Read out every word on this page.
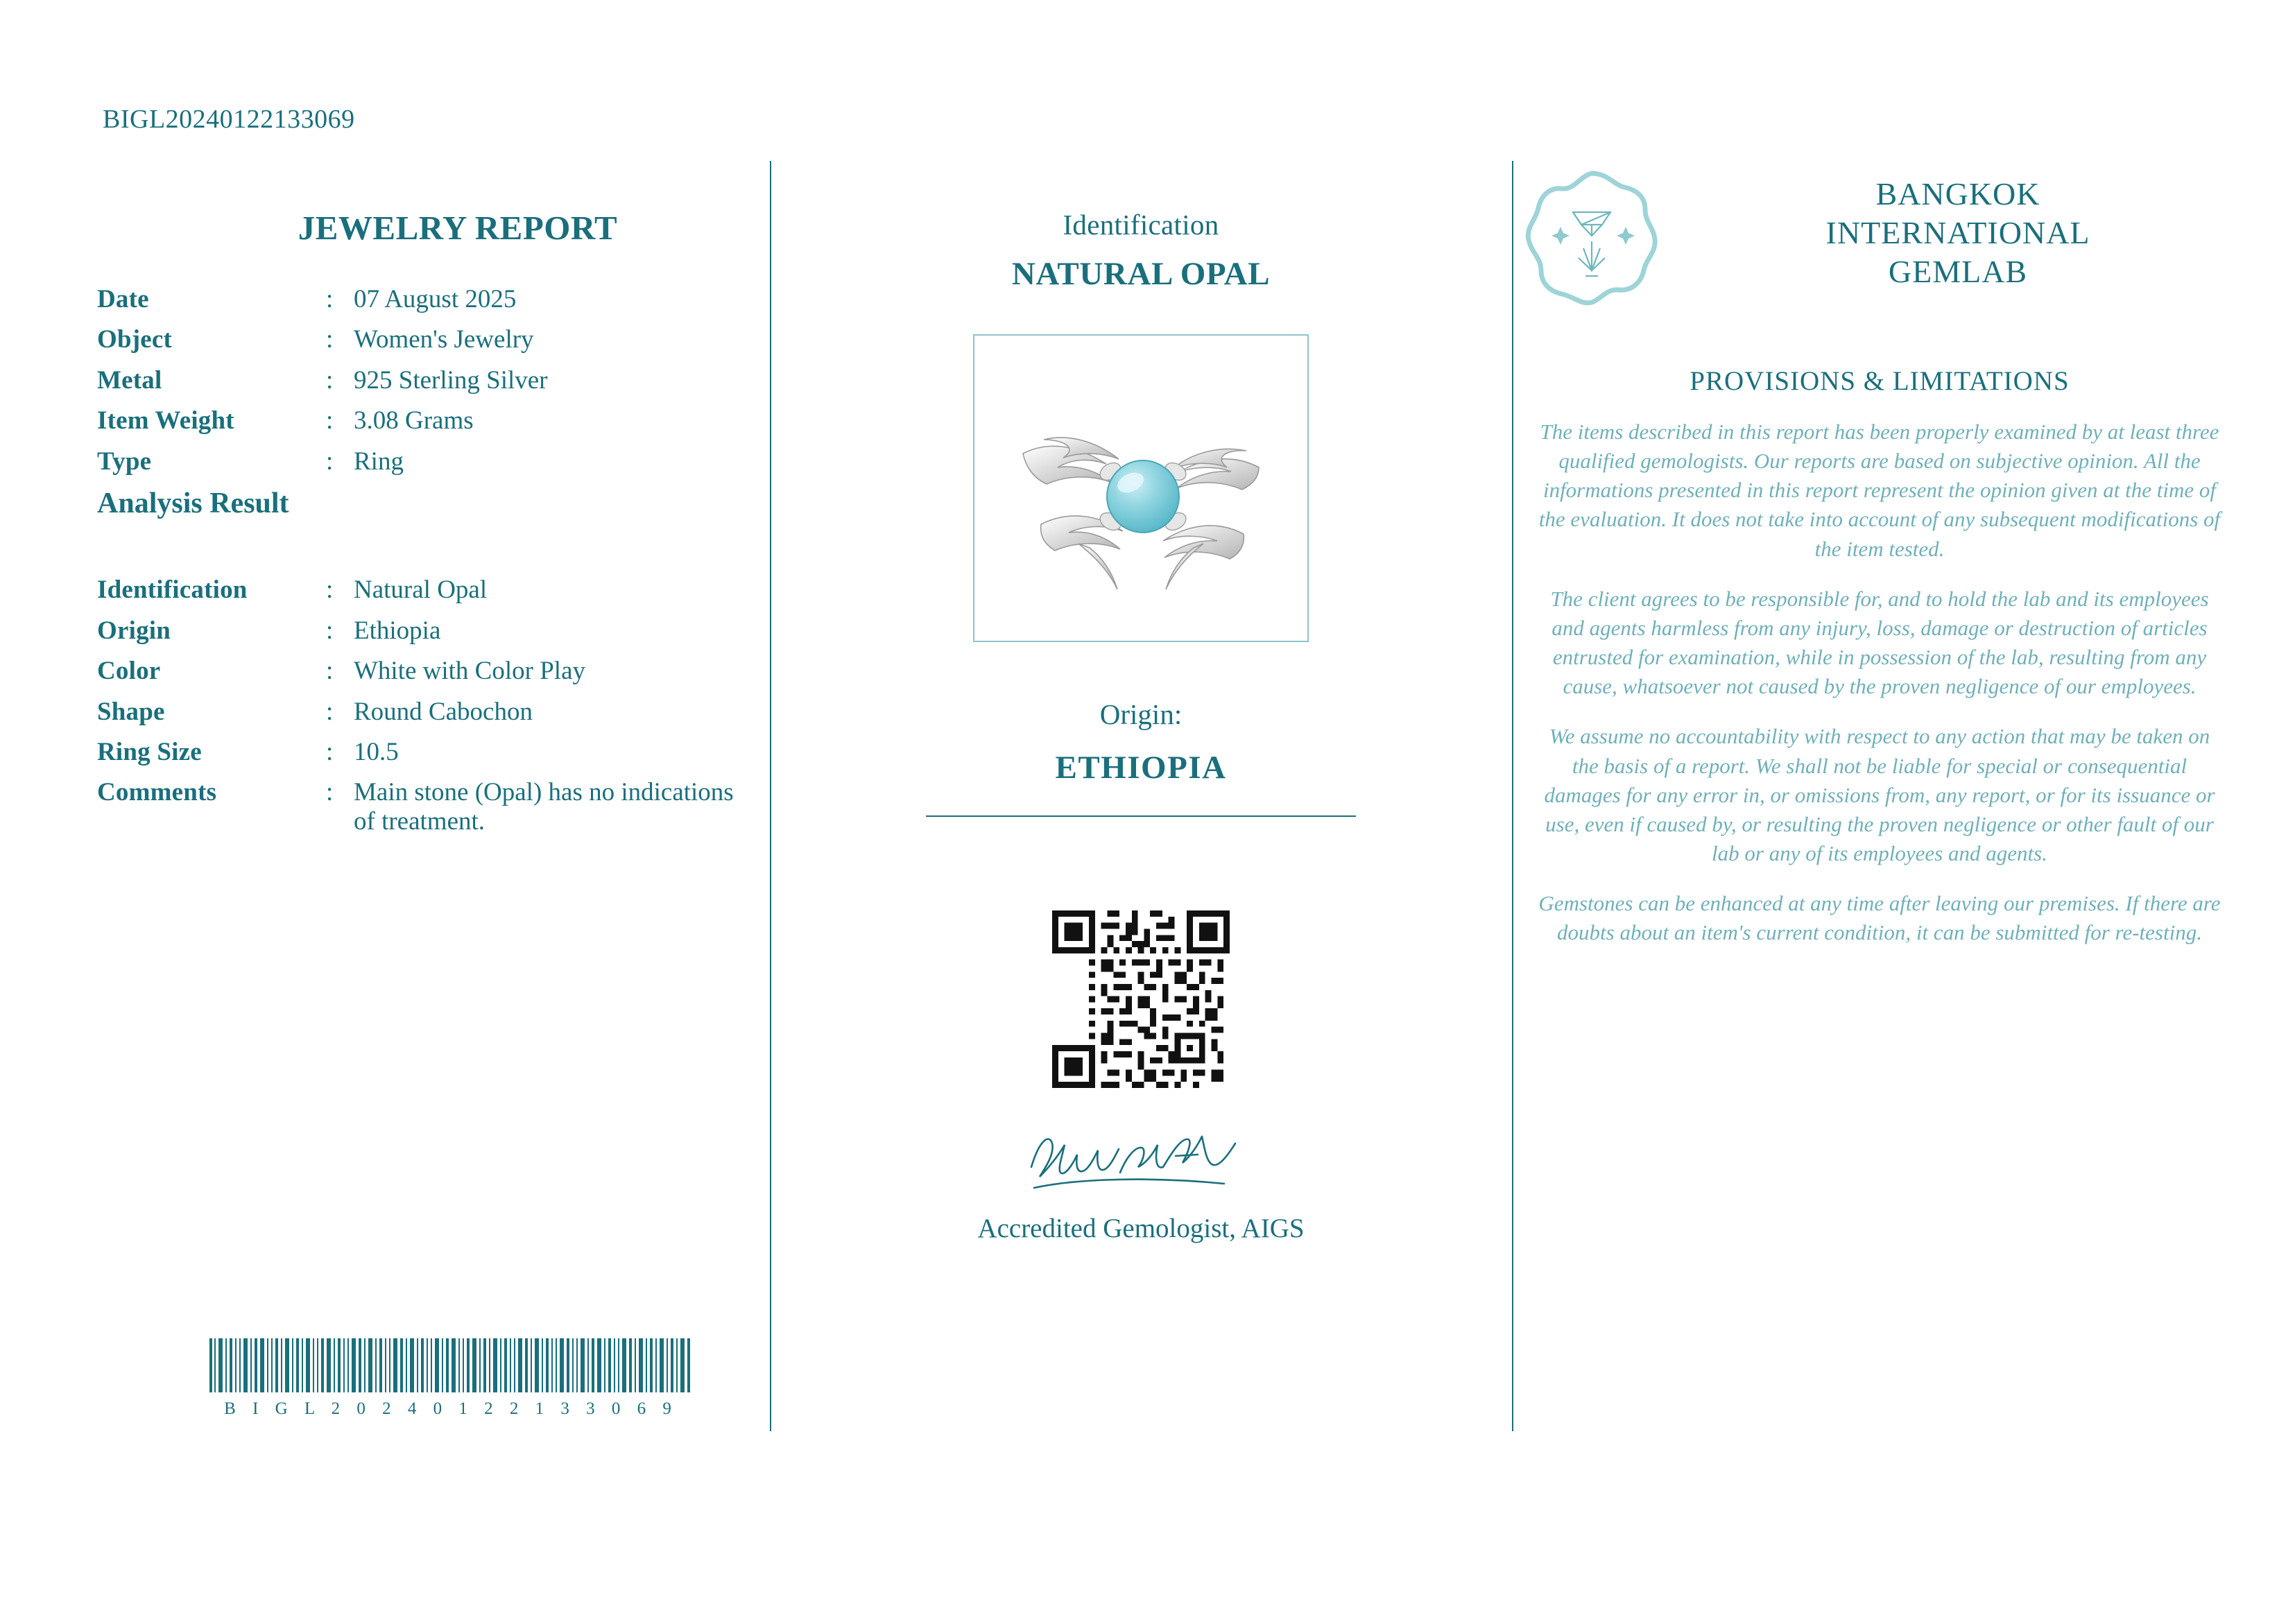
BIGL20240122133069
JEWELRY REPORT
Date	:	07 August 2025
Object	:	Women's Jewelry
Metal	:	925 Sterling Silver
Item Weight	:	3.08 Grams
Type	:	Ring
Analysis Result		

Identification	:	Natural Opal
Origin	:	Ethiopia
Color	:	White with Color Play
Shape	:	Round Cabochon
Ring Size	:	10.5
Comments	:	Main stone (Opal) has no indications of treatment.
B I G L 2 0 2 4 0 1 2 2 1 3 3 0 6 9
Identification
NATURAL OPAL
Origin:
ETHIOPIA
Accredited Gemologist, AIGS
BANGKOK
INTERNATIONAL
GEMLAB
PROVISIONS & LIMITATIONS
The items described in this report has been properly examined by at least three qualified gemologists. Our reports are based on subjective opinion. All the informations presented in this report represent the opinion given at the time of the evaluation. It does not take into account of any subsequent modifications of the item tested.
The client agrees to be responsible for, and to hold the lab and its employees and agents harmless from any injury, loss, damage or destruction of articles entrusted for examination, while in possession of the lab, resulting from any cause, whatsoever not caused by the proven negligence of our employees.
We assume no accountability with respect to any action that may be taken on the basis of a report. We shall not be liable for special or consequential damages for any error in, or omissions from, any report, or for its issuance or use, even if caused by, or resulting the proven negligence or other fault of our lab or any of its employees and agents.
Gemstones can be enhanced at any time after leaving our premises. If there are doubts about an item's current condition, it can be submitted for re-testing.
